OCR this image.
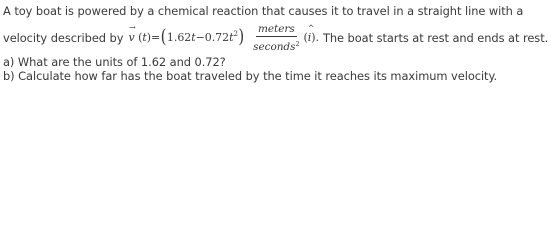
A toy boat is powered by a chemical reaction that causes it to travel in a straight line with a
velocity described by
→
v $(t)=(1.62t-0.72t^2) \frac{\text{meters}}{seconds^2}$ (
^
i). The boat starts at rest and ends at rest.
a) What are the units of 1.62 and 0.72?
b) Calculate how far has the boat traveled by the time it reaches its maximum velocity.
